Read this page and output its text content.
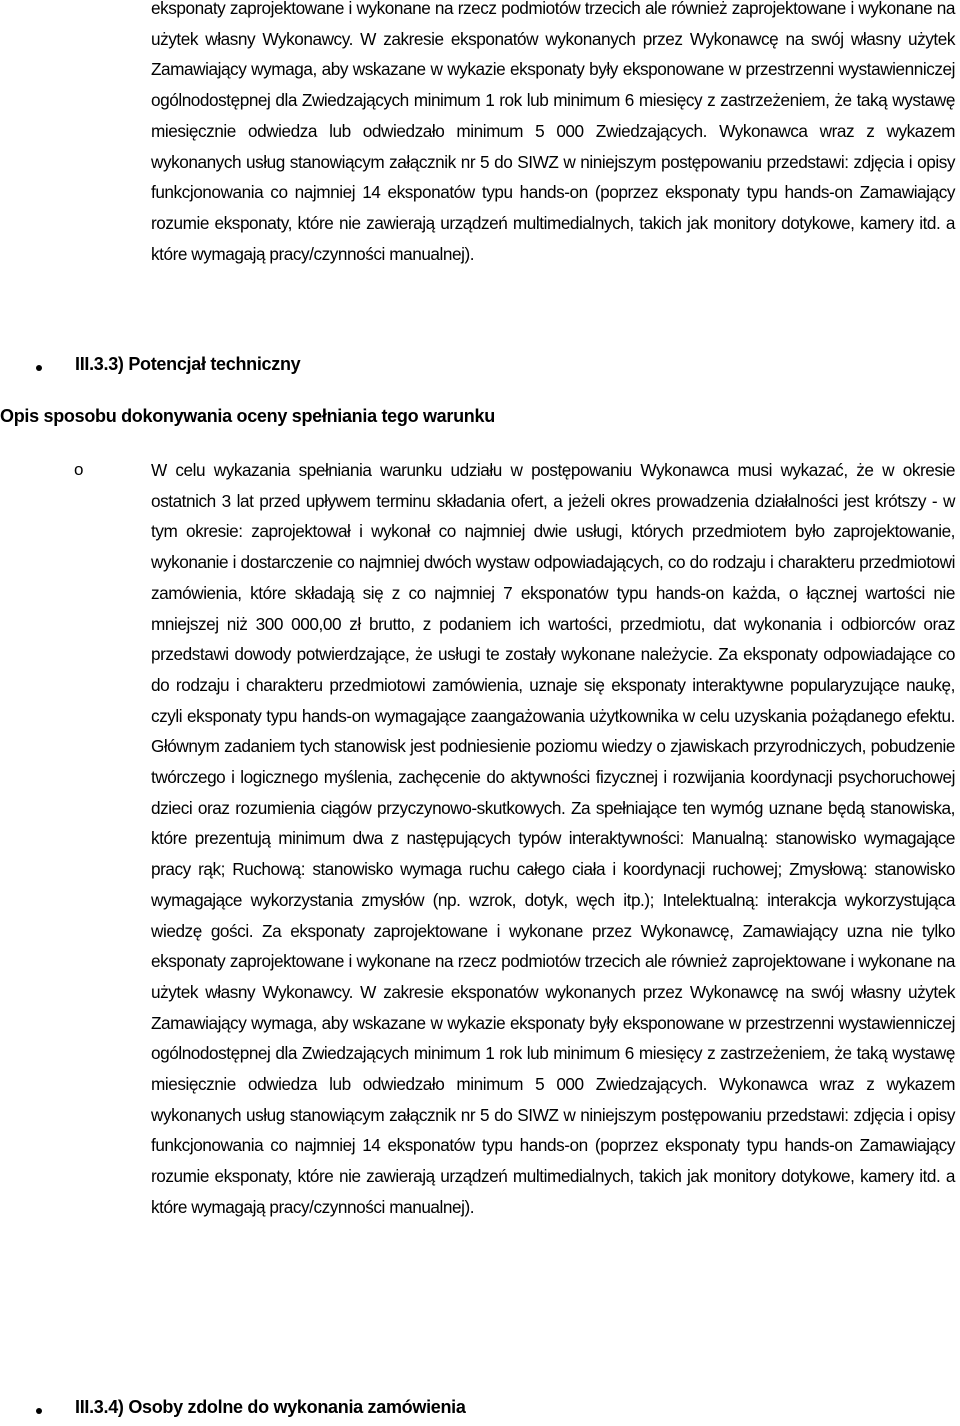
eksponaty zaprojektowane i wykonane na rzecz podmiotów trzecich ale również zaprojektowane i wykonane na użytek własny Wykonawcy. W zakresie eksponatów wykonanych przez Wykonawcę na swój własny użytek Zamawiający wymaga, aby wskazane w wykazie eksponaty były eksponowane w przestrzenni wystawienniczej ogólnodostępnej dla Zwiedzających minimum 1 rok lub minimum 6 miesięcy z zastrzeżeniem, że taką wystawę miesięcznie odwiedza lub odwiedzało minimum 5 000 Zwiedzających. Wykonawca wraz z wykazem wykonanych usług stanowiącym załącznik nr 5 do SIWZ w niniejszym postępowaniu przedstawi: zdjęcia i opisy funkcjonowania co najmniej 14 eksponatów typu hands-on (poprzez eksponaty typu hands-on Zamawiający rozumie eksponaty, które nie zawierają urządzeń multimedialnych, takich jak monitory dotykowe, kamery itd. a które wymagają pracy/czynności manualnej).

III.3.3) Potencjał techniczny
Opis sposobu dokonywania oceny spełniania tego warunku
o	W celu wykazania spełniania warunku udziału w postępowaniu Wykonawca musi wykazać, że w okresie ostatnich 3 lat przed upływem terminu składania ofert, a jeżeli okres prowadzenia działalności jest krótszy - w tym okresie: zaprojektował i wykonał co najmniej dwie usługi, których przedmiotem było zaprojektowanie, wykonanie i dostarczenie co najmniej dwóch wystaw odpowiadających, co do rodzaju i charakteru przedmiotowi zamówienia, które składają się z co najmniej 7 eksponatów typu hands-on każda, o łącznej wartości nie mniejszej niż 300 000,00 zł brutto, z podaniem ich wartości, przedmiotu, dat wykonania i odbiorców oraz przedstawi dowody potwierdzające, że usługi te zostały wykonane należycie. Za eksponaty odpowiadające co do rodzaju i charakteru przedmiotowi zamówienia, uznaje się eksponaty interaktywne popularyzujące naukę, czyli eksponaty typu hands-on wymagające zaangażowania użytkownika w celu uzyskania pożądanego efektu. Głównym zadaniem tych stanowisk jest podniesienie poziomu wiedzy o zjawiskach przyrodniczych, pobudzenie twórczego i logicznego myślenia, zachęcenie do aktywności fizycznej i rozwijania koordynacji psychoruchowej dzieci oraz rozumienia ciągów przyczynowo-skutkowych. Za spełniające ten wymóg uznane będą stanowiska, które prezentują minimum dwa z następujących typów interaktywności: Manualną: stanowisko wymagające pracy rąk; Ruchową: stanowisko wymaga ruchu całego ciała i koordynacji ruchowej; Zmysłową: stanowisko wymagające wykorzystania zmysłów (np. wzrok, dotyk, węch itp.); Intelektualną: interakcja wykorzystująca wiedzę gości. Za eksponaty zaprojektowane i wykonane przez Wykonawcę, Zamawiający uzna nie tylko eksponaty zaprojektowane i wykonane na rzecz podmiotów trzecich ale również zaprojektowane i wykonane na użytek własny Wykonawcy. W zakresie eksponatów wykonanych przez Wykonawcę na swój własny użytek Zamawiający wymaga, aby wskazane w wykazie eksponaty były eksponowane w przestrzenni wystawienniczej ogólnodostępnej dla Zwiedzających minimum 1 rok lub minimum 6 miesięcy z zastrzeżeniem, że taką wystawę miesięcznie odwiedza lub odwiedzało minimum 5 000 Zwiedzających. Wykonawca wraz z wykazem wykonanych usług stanowiącym załącznik nr 5 do SIWZ w niniejszym postępowaniu przedstawi: zdjęcia i opisy funkcjonowania co najmniej 14 eksponatów typu hands-on (poprzez eksponaty typu hands-on Zamawiający rozumie eksponaty, które nie zawierają urządzeń multimedialnych, takich jak monitory dotykowe, kamery itd. a które wymagają pracy/czynności manualnej).

III.3.4) Osoby zdolne do wykonania zamówienia
